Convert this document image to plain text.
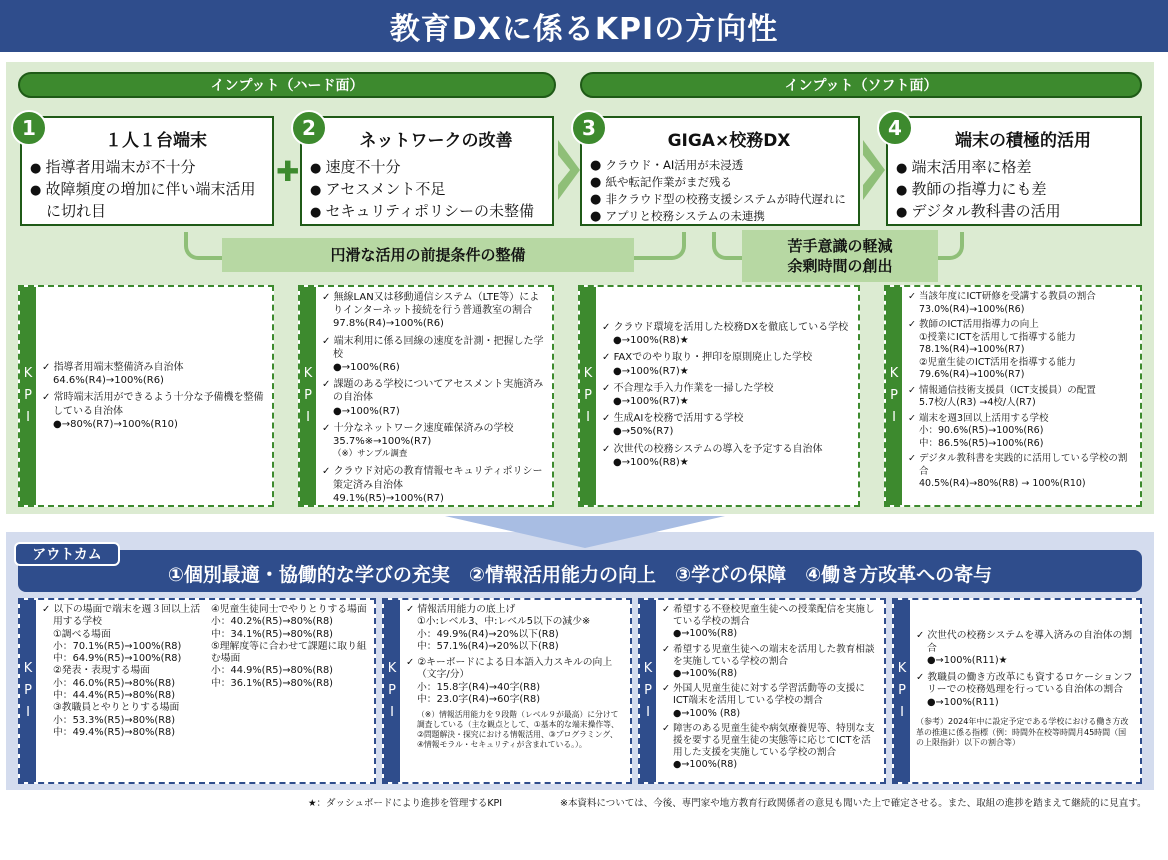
教育DXに係るKPIの方向性
インプット（ハード面）	インプット（ソフト面）
１人１台端末
● 指導者用端末が不十分
● 故障頻度の増加に伴い端末活用に切れ目
1
✚
ネットワークの改善
● 速度不十分
● アセスメント不足
● セキュリティポリシーの未整備
2
GIGA×校務DX
● クラウド・AI活用が未浸透
● 紙や転記作業がまだ残る
● 非クラウド型の校務支援システムが時代遅れに
● アプリと校務システムの未連携
3
端末の積極的活用
● 端末活用率に格差
● 教師の指導力にも差
● デジタル教科書の活用
4
円滑な活用の前提条件の整備	苦手意識の軽減
余剰時間の創出
K
P
I
✓ 指導者用端末整備済み自治体
64.6%(R4)→100%(R6)
✓ 常時端末活用ができるよう十分な予備機を整備している自治体
●→80%(R7)→100%(R10)
K
P
I
✓ 無線LAN又は移動通信システム（LTE等）によりインターネット接続を行う普通教室の割合
97.8%(R4)→100%(R6)
✓ 端末利用に係る回線の速度を計測・把握した学校
●→100%(R6)
✓ 課題のある学校についてアセスメント実施済みの自治体
●→100%(R7)
✓ 十分なネットワーク速度確保済みの学校
35.7%※→100%(R7)
（※）サンプル調査
✓ クラウド対応の教育情報セキュリティポリシー策定済み自治体
49.1%(R5)→100%(R7)
K
P
I
✓ クラウド環境を活用した校務DXを徹底している学校
●→100%(R8)★
✓ FAXでのやり取り・押印を原則廃止した学校
●→100%(R7)★
✓ 不合理な手入力作業を一掃した学校
●→100%(R7)★
✓ 生成AIを校務で活用する学校
●→50%(R7)
✓ 次世代の校務システムの導入を予定する自治体
●→100%(R8)★
K
P
I
✓ 当該年度にICT研修を受講する教員の割合
73.0%(R4)→100%(R6)
✓ 教師のICT活用指導力の向上
①授業にICTを活用して指導する能力
78.1%(R4)→100%(R7)
②児童生徒のICT活用を指導する能力
79.6%(R4)→100%(R7)
✓ 情報通信技術支援員（ICT支援員）の配置
5.7校/人(R3) →4校/人(R7)
✓ 端末を週3回以上活用する学校
小：90.6%(R5)→100%(R6)
中：86.5%(R5)→100%(R6)
✓ デジタル教科書を実践的に活用している学校の割合
40.5%(R4)→80%(R8) → 100%(R10)
①個別最適・協働的な学びの充実　②情報活用能力の向上　③学びの保障　④働き方改革への寄与
アウトカム
K
P
I
✓ 以下の場面で端末を週３回以上活用する学校
①調べる場面
小：70.1%(R5)→100%(R8)
中：64.9%(R5)→100%(R8)
②発表・表現する場面
小：46.0%(R5)→80%(R8)
中：44.4%(R5)→80%(R8)
③教職員とやりとりする場面
小：53.3%(R5)→80%(R8)
中：49.4%(R5)→80%(R8)
④児童生徒同士でやりとりする場面
小：40.2%(R5)→80%(R8)
中：34.1%(R5)→80%(R8)
⑤理解度等に合わせて課題に取り組む場面
小：44.9%(R5)→80%(R8)
中：36.1%(R5)→80%(R8)
K
P
I
✓ 情報活用能力の底上げ
①小:レベル3、中:レベル5以下の減少※
小：49.9%(R4)→20%以下(R8)
中：57.1%(R4)→20%以下(R8)
✓ ②キーボードによる日本語入力スキルの向上（文字/分）
小：15.8字(R4)→40字(R8)
中：23.0字(R4)→60字(R8)
（※）情報活用能力を９段階（レベル９が最高）に分けて調査している（主な観点として、①基本的な端末操作等、②問題解決・探究における情報活用、③プログラミング、④情報モラル・セキュリティが含まれている。）。
K
P
I
✓ 希望する不登校児童生徒への授業配信を実施している学校の割合
●→100%(R8)
✓ 希望する児童生徒への端末を活用した教育相談を実施している学校の割合
●→100%(R8)
✓ 外国人児童生徒に対する学習活動等の支援にICT端末を活用している学校の割合
●→100% (R8)
✓ 障害のある児童生徒や病気療養児等、特別な支援を要する児童生徒の実態等に応じてICTを活用した支援を実施している学校の割合
●→100%(R8)
K
P
I
✓ 次世代の校務システムを導入済みの自治体の割合
●→100%(R11)★
✓ 教職員の働き方改革にも資するロケーションフリーでの校務処理を行っている自治体の割合
●→100%(R11)
（参考）2024年中に設定予定である学校における働き方改革の推進に係る指標（例：時間外在校等時間月45時間（国の上限指針）以下の割合等）
★：ダッシュボードにより進捗を管理するKPI	※本資料については、今後、専門家や地方教育行政関係者の意見も聞いた上で確定させる。また、取組の進捗を踏まえて継続的に見直す。
